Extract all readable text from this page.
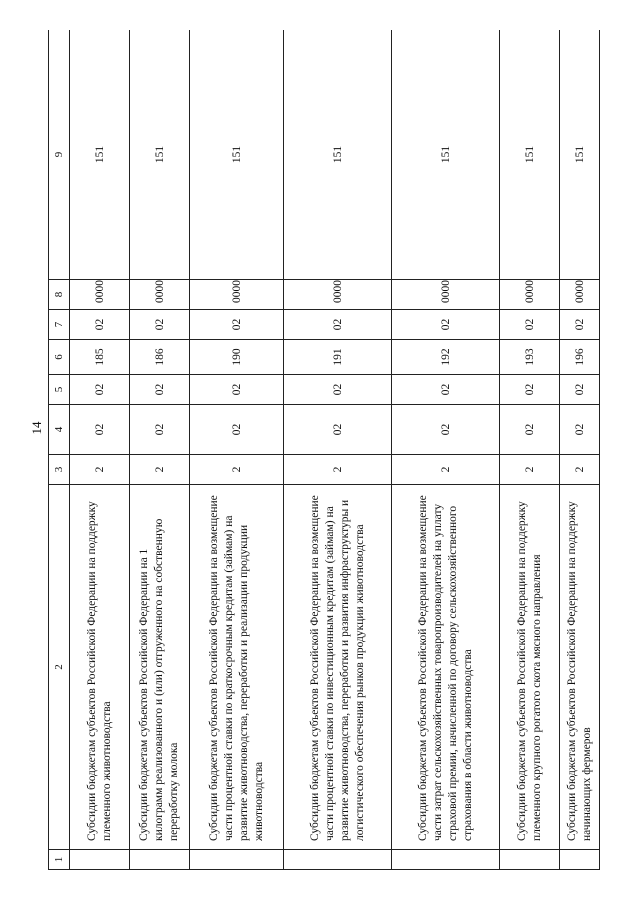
14
1	2	3	4	5	6	7	8	9
	Субсидии бюджетам субъектов Российской Федерации на поддержку племенного животноводства	2	02	02	185	02	0000	151
	Субсидии бюджетам субъектов Российской Федерации на 1 килограмм реализованного и (или) отгруженного на собственную переработку молока	2	02	02	186	02	0000	151
	Субсидии бюджетам субъектов Российской Федерации на возмещение части процентной ставки по краткосрочным кредитам (займам) на развитие животноводства, переработки и реализации продукции животноводства	2	02	02	190	02	0000	151
	Субсидии бюджетам субъектов Российской Федерации на возмещение части процентной ставки по инвестиционным кредитам (займам) на развитие животноводства, переработки и развития инфраструктуры и логистического обеспечения рынков продукции животноводства	2	02	02	191	02	0000	151
	Субсидии бюджетам субъектов Российской Федерации на возмещение части затрат сельскохозяйственных товаропроизводителей на уплату страховой премии, начисленной по договору сельскохозяйственного страхования в области животноводства	2	02	02	192	02	0000	151
	Субсидии бюджетам субъектов Российской Федерации на поддержку племенного крупного рогатого скота мясного направления	2	02	02	193	02	0000	151
	Субсидии бюджетам субъектов Российской Федерации на поддержку начинающих фермеров	2	02	02	196	02	0000	151
